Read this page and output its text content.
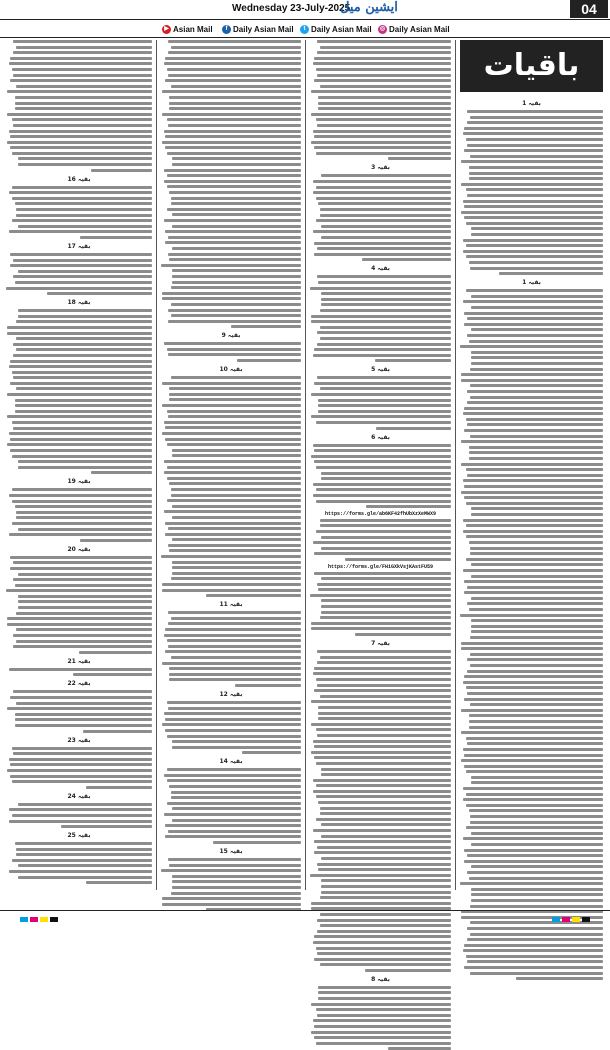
Wednesday 23-July-2025
ایشین میل	04
▶ Asian Mail	f Daily Asian Mail	t Daily Asian Mail	◎ Daily Asian Mail
باقیات
بقیہ 16
بقیہ 17
بقیہ 18
بقیہ 19
بقیہ 20
بقیہ 21
بقیہ 22
بقیہ 23
بقیہ 24
بقیہ 25
بقیہ 9
بقیہ 10
بقیہ 11
بقیہ 12
بقیہ 14
بقیہ 15
بقیہ 3
بقیہ 4
بقیہ 5
بقیہ 6
https://forms.gle/ab6KF42fhUbXzXeMWX9
https://forms.gle/FHiGXkVsjKAstFU59
بقیہ 7
بقیہ 8
بقیہ 1
بقیہ 1
